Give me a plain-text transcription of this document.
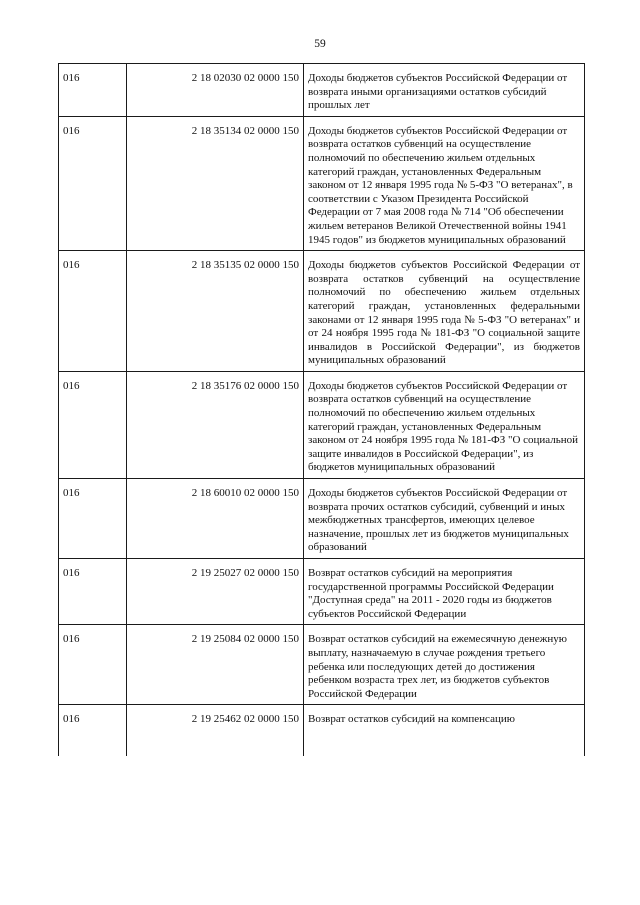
59
016	2 18 02030 02 0000 150	Доходы бюджетов субъектов Российской Федерации от возврата иными организациями остатков субсидий прошлых лет
016	2 18 35134 02 0000 150	Доходы бюджетов субъектов Российской Федерации от возврата остатков субвенций на осуществление полномочий по обеспечению жильем отдельных категорий граждан, установленных Федеральным законом от 12 января 1995 года № 5-ФЗ "О ветеранах", в соответствии с Указом Президента Российской Федерации от 7 мая 2008 года № 714 "Об обеспечении жильем ветеранов Великой Отечественной войны 1941 1945 годов" из бюджетов муниципальных образований
016	2 18 35135 02 0000 150	Доходы бюджетов субъектов Российской Федерации от возврата остатков субвенций на осуществление полномочий по обеспечению жильем отдельных категорий граждан, установленных федеральными законами от 12 января 1995 года № 5-ФЗ "О ветеранах" и от 24 ноября 1995 года № 181-ФЗ "О социальной защите инвалидов в Российской Федерации", из бюджетов муниципальных образований
016	2 18 35176 02 0000 150	Доходы бюджетов субъектов Российской Федерации от возврата остатков субвенций на осуществление полномочий по обеспечению жильем отдельных категорий граждан, установленных Федеральным законом от 24 ноября 1995 года № 181-ФЗ "О социальной защите инвалидов в Российской Федерации", из бюджетов муниципальных образований
016	2 18 60010 02 0000 150	Доходы бюджетов субъектов Российской Федерации от возврата прочих остатков субсидий, субвенций и иных межбюджетных трансфертов, имеющих целевое назначение, прошлых лет из бюджетов муниципальных образований
016	2 19 25027 02 0000 150	Возврат остатков субсидий на мероприятия государственной программы Российской Федерации "Доступная среда" на 2011 - 2020 годы из бюджетов субъектов Российской Федерации
016	2 19 25084 02 0000 150	Возврат остатков субсидий на ежемесячную денежную выплату, назначаемую в случае рождения третьего ребенка или последующих детей до достижения ребенком возраста трех лет, из бюджетов субъектов Российской Федерации
016	2 19 25462 02 0000 150	Возврат остатков субсидий на компенсацию
